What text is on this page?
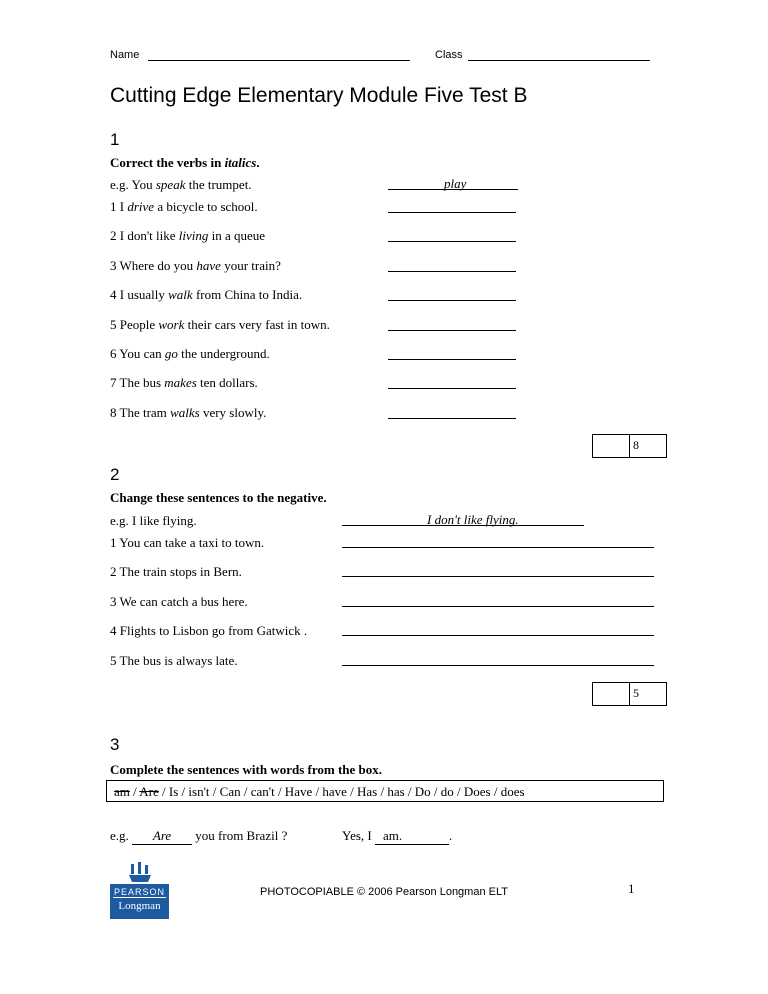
Name	Class
Cutting Edge Elementary Module Five Test B
1
Correct the verbs in italics.
e.g. You speak the trumpet.	play
1 I drive a bicycle to school.
2 I don't like living in a queue
3 Where do you have your train?
4 I usually walk from China to India.
5 People work their cars very fast in town.
6 You can go the underground.
7 The bus makes ten dollars.
8 The tram walks very slowly.
8
2
Change these sentences to the negative.
e.g. I like flying.	I don't like flying.
1 You can take a taxi to town.
2 The train stops in Bern.
3 We can catch a bus here.
4 Flights to Lisbon go from Gatwick .
5 The bus is always late.
5
3
Complete the sentences with words from the box.
am / Are / Is / isn't / Can / can't / Have / have / Has / has / Do / do / Does / does
e.g. Are you from Brazil ?	Yes, I am.	.
PEARSON
Longman
PHOTOCOPIABLE © 2006 Pearson Longman ELT	1
